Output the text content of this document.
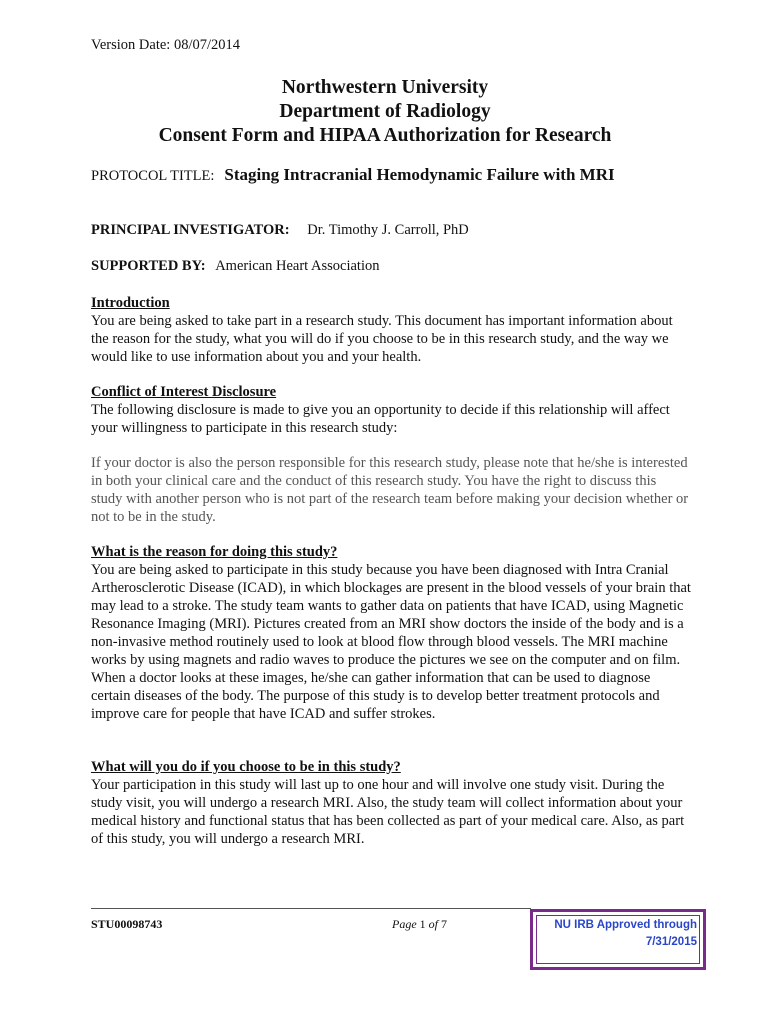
Version Date: 08/07/2014
Northwestern University
Department of Radiology
Consent Form and HIPAA Authorization for Research
PROTOCOL TITLE: Staging Intracranial Hemodynamic Failure with MRI
PRINCIPAL INVESTIGATOR: Dr. Timothy J. Carroll, PhD
SUPPORTED BY: American Heart Association
Introduction

You are being asked to take part in a research study. This document has important information about the reason for the study, what you will do if you choose to be in this research study, and the way we would like to use information about you and your health.

Conflict of Interest Disclosure

The following disclosure is made to give you an opportunity to decide if this relationship will affect your willingness to participate in this research study:

If your doctor is also the person responsible for this research study, please note that he/she is interested in both your clinical care and the conduct of this research study. You have the right to discuss this study with another person who is not part of the research team before making your decision whether or not to be in the study.

What is the reason for doing this study?

You are being asked to participate in this study because you have been diagnosed with Intra Cranial Artherosclerotic Disease (ICAD), in which blockages are present in the blood vessels of your brain that may lead to a stroke. The study team wants to gather data on patients that have ICAD, using Magnetic Resonance Imaging (MRI). Pictures created from an MRI show doctors the inside of the body and is a non-invasive method routinely used to look at blood flow through blood vessels. The MRI machine works by using magnets and radio waves to produce the pictures we see on the computer and on film. When a doctor looks at these images, he/she can gather information that can be used to diagnose certain diseases of the body. The purpose of this study is to develop better treatment protocols and improve care for people that have ICAD and suffer strokes.

What will you do if you choose to be in this study?

Your participation in this study will last up to one hour and will involve one study visit. During the study visit, you will undergo a research MRI. Also, the study team will collect information about your medical history and functional status that has been collected as part of your medical care. Also, as part of this study, you will undergo a research MRI.

STU00098743	Page 1 of 7	NU IRB Approved through
7/31/2015
